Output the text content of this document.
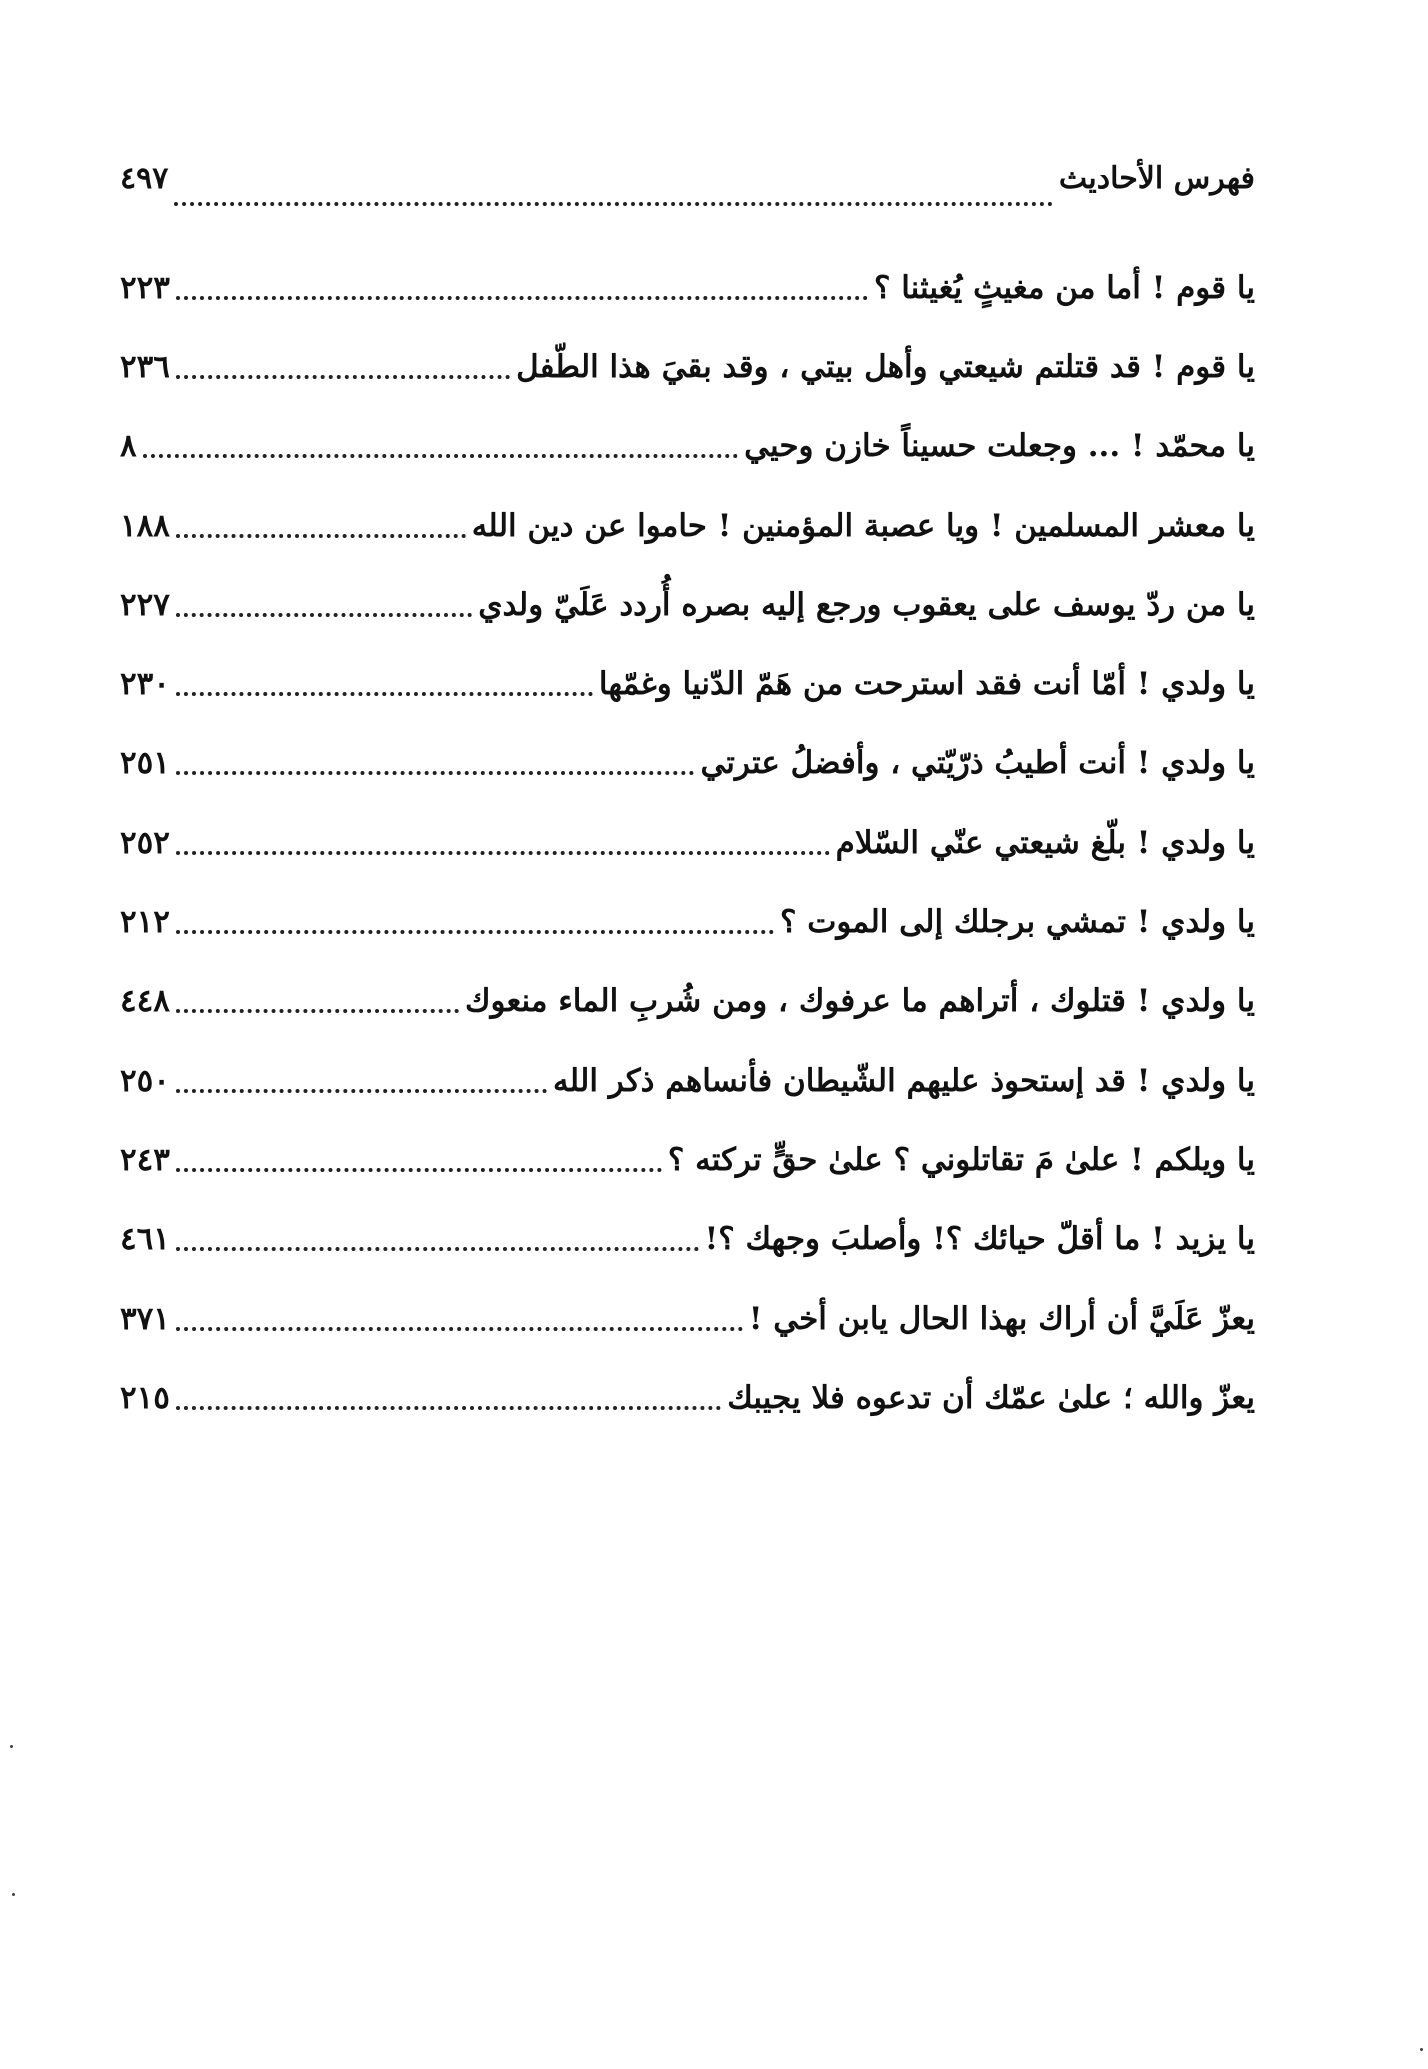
فهرس الأحاديث
٤٩٧
يا قوم ! أما من مغيثٍ يُغيثنا ؟
٢٢٣
يا قوم ! قد قتلتم شيعتي وأهل بيتي ، وقد بقيَ هذا الطّفل
٢٣٦
يا محمّد ! ... وجعلت حسيناً خازن وحيي
٨
يا معشر المسلمين ! ويا عصبة المؤمنين ! حاموا عن دين الله
١٨٨
يا من ردّ يوسف على يعقوب ورجع إليه بصره أُردد عَلَيّ ولدي
٢٢٧
يا ولدي ! أمّا أنت فقد استرحت من هَمّ الدّنيا وغمّها
٢٣٠
يا ولدي ! أنت أطيبُ ذرّيّتي ، وأفضلُ عترتي
٢٥١
يا ولدي ! بلّغ شيعتي عنّي السّلام
٢٥٢
يا ولدي ! تمشي برجلك إلى الموت ؟
٢١٢
يا ولدي ! قتلوك ، أتراهم ما عرفوك ، ومن شُربِ الماء منعوك
٤٤٨
يا ولدي ! قد إستحوذ عليهم الشّيطان فأنساهم ذكر الله
٢٥٠
يا ويلكم ! علىٰ مَ تقاتلوني ؟ علىٰ حقٍّ تركته ؟
٢٤٣
يا يزيد ! ما أقلّ حيائك ؟! وأصلبَ وجهك ؟!
٤٦١
يعزّ عَلَيَّ أن أراك بهذا الحال يابن أخي !
٣٧١
يعزّ والله ؛ علىٰ عمّك أن تدعوه فلا يجيبك
٢١٥
